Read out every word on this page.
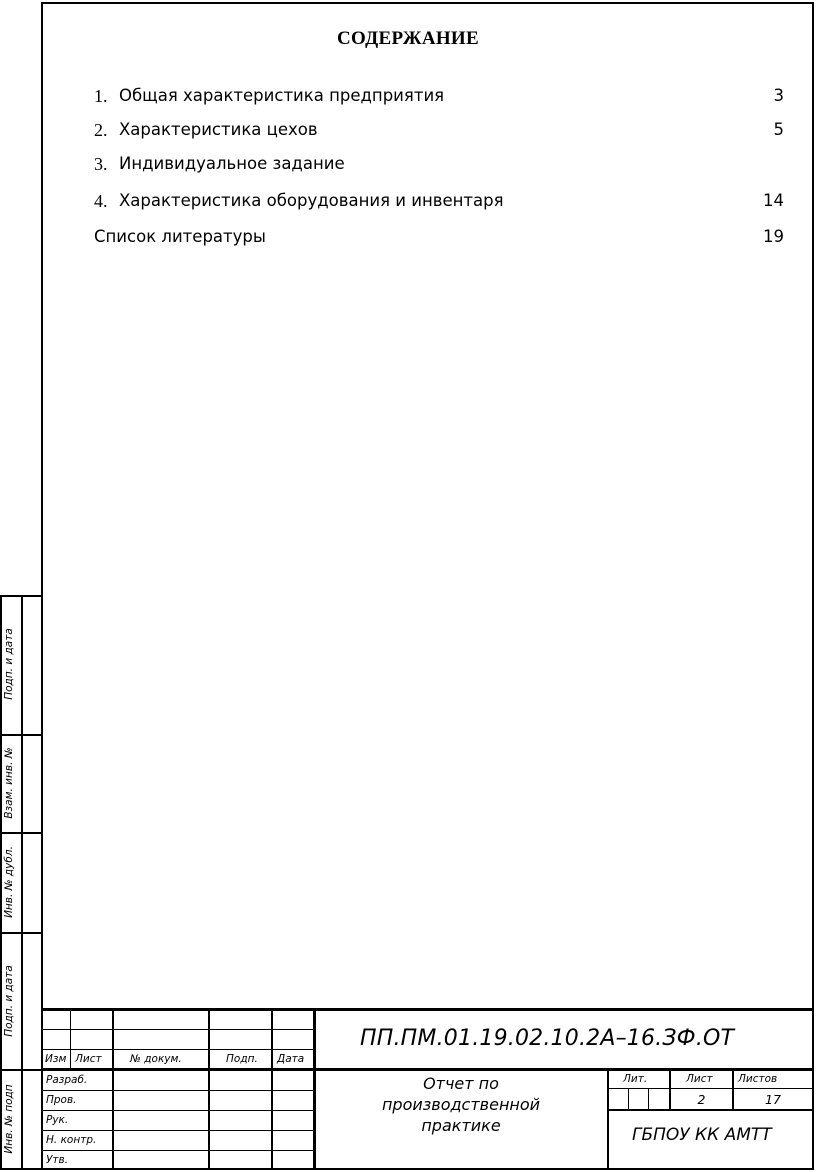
СОДЕРЖАНИЕ
1. Общая характеристика предприятия	3
2. Характеристика цехов	5
3. Индивидуальное задание
4. Характеристика оборудования и инвентаря	14
Список литературы	19
Подп. и дата
Взам. инв. №
Инв. № дубл.
Подп. и дата
Инв. № подп
Изм Лист	№ докум.	Подп. Дата
Разраб.
Пров.
Рук.
Н. контр.
Утв.
ПП.ПМ.01.19.02.10.2А–16.ЗФ.ОТ
Отчет по
производственной
практике
Лит.	Лист Листов
2	17
ГБПОУ КК АМТТ
